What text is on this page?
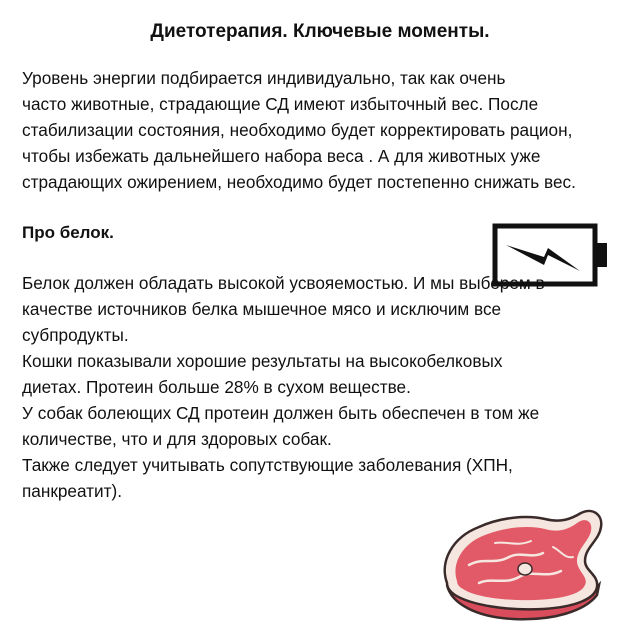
Диетотерапия. Ключевые моменты.

Уровень энергии подбирается индивидуально, так как очень
часто животные, страдающие СД имеют избыточный вес. После
стабилизации состояния, необходимо будет корректировать рацион,
чтобы избежать дальнейшего набора веса . А для животных уже
страдающих ожирением, необходимо будет постепенно снижать вес.

Про белок.

Белок должен обладать высокой усвояемостью. И мы выберем в
качестве источников белка мышечное мясо и исключим все
субпродукты.
Кошки показывали хорошие результаты на высокобелковых
диетах. Протеин больше 28% в сухом веществе.
У собак болеющих СД протеин должен быть обеспечен в том же
количестве, что и для здоровых собак.
Также следует учитывать сопутствующие заболевания (ХПН,
панкреатит).
